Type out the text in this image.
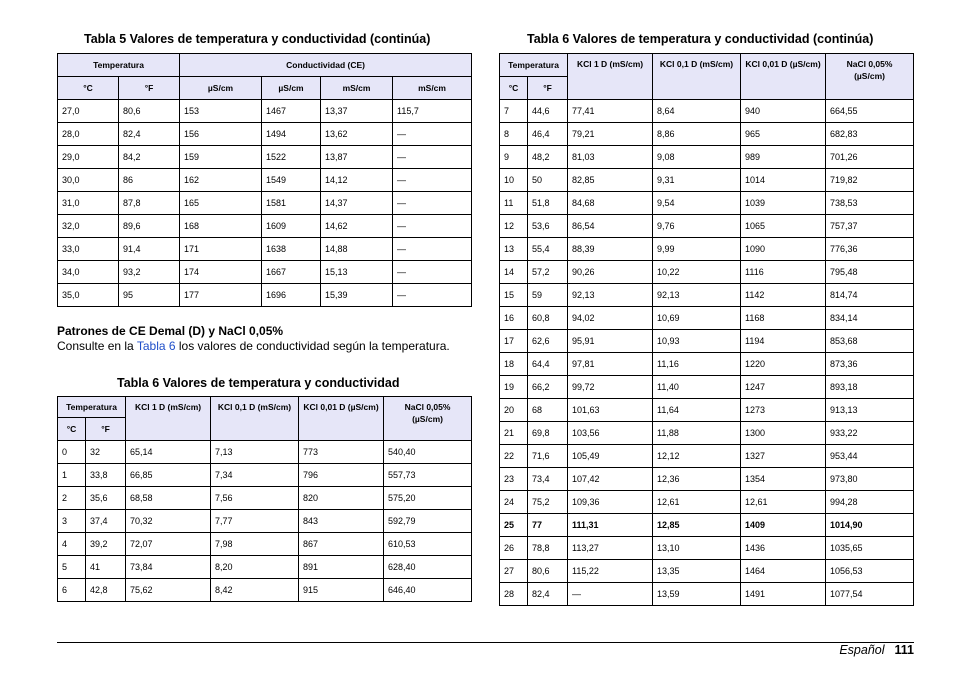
Tabla 5 Valores de temperatura y conductividad (continúa)
Temperatura		Conductividad (CE)			
°C	°F	µS/cm	µS/cm	mS/cm	mS/cm
27,0	80,6	153	1467	13,37	115,7
28,0	82,4	156	1494	13,62	—
29,0	84,2	159	1522	13,87	—
30,0	86	162	1549	14,12	—
31,0	87,8	165	1581	14,37	—
32,0	89,6	168	1609	14,62	—
33,0	91,4	171	1638	14,88	—
34,0	93,2	174	1667	15,13	—
35,0	95	177	1696	15,39	—
Patrones de CE Demal (D) y NaCl 0,05%
Consulte en la Tabla 6 los valores de conductividad según la temperatura.
Tabla 6 Valores de temperatura y conductividad
Temperatura		KCl 1 D (mS/cm)	KCl 0,1 D (mS/cm)	KCl 0,01 D (µS/cm)	NaCl 0,05% (µS/cm)
°C	°F				
0	32	65,14	7,13	773	540,40
1	33,8	66,85	7,34	796	557,73
2	35,6	68,58	7,56	820	575,20
3	37,4	70,32	7,77	843	592,79
4	39,2	72,07	7,98	867	610,53
5	41	73,84	8,20	891	628,40
6	42,8	75,62	8,42	915	646,40
Tabla 6 Valores de temperatura y conductividad (continúa)
Temperatura		KCl 1 D (mS/cm)	KCl 0,1 D (mS/cm)	KCl 0,01 D (µS/cm)	NaCl 0,05% (µS/cm)
°C	°F				
7	44,6	77,41	8,64	940	664,55
8	46,4	79,21	8,86	965	682,83
9	48,2	81,03	9,08	989	701,26
10	50	82,85	9,31	1014	719,82
11	51,8	84,68	9,54	1039	738,53
12	53,6	86,54	9,76	1065	757,37
13	55,4	88,39	9,99	1090	776,36
14	57,2	90,26	10,22	1116	795,48
15	59	92,13	92,13	1142	814,74
16	60,8	94,02	10,69	1168	834,14
17	62,6	95,91	10,93	1194	853,68
18	64,4	97,81	11,16	1220	873,36
19	66,2	99,72	11,40	1247	893,18
20	68	101,63	11,64	1273	913,13
21	69,8	103,56	11,88	1300	933,22
22	71,6	105,49	12,12	1327	953,44
23	73,4	107,42	12,36	1354	973,80
24	75,2	109,36	12,61	12,61	994,28
25	77	111,31	12,85	1409	1014,90
26	78,8	113,27	13,10	1436	1035,65
27	80,6	115,22	13,35	1464	1056,53
28	82,4	—	13,59	1491	1077,54
Español 111
